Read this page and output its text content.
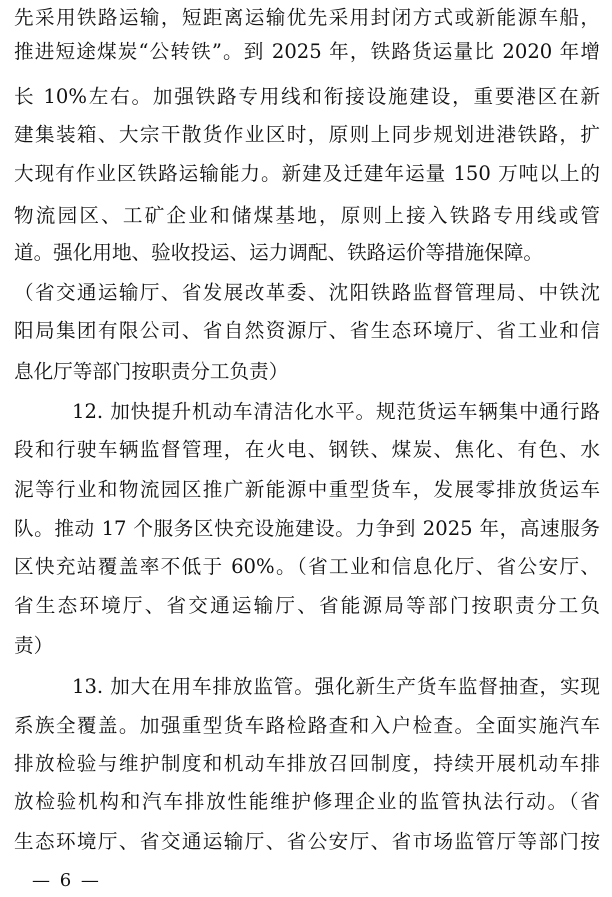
先采用铁路运输，短距离运输优先采用封闭方式或新能源车船，
推进短途煤炭“公转铁”。到 2025 年，铁路货运量比 2020 年增
长 10%左右。加强铁路专用线和衔接设施建设，重要港区在新
建集装箱、大宗干散货作业区时，原则上同步规划进港铁路，扩
大现有作业区铁路运输能力。新建及迁建年运量 150 万吨以上的
物流园区、工矿企业和储煤基地，原则上接入铁路专用线或管
道。强化用地、验收投运、运力调配、铁路运价等措施保障。
（省交通运输厅、省发展改革委、沈阳铁路监督管理局、中铁沈
阳局集团有限公司、省自然资源厅、省生态环境厅、省工业和信
息化厅等部门按职责分工负责）
12. 加快提升机动车清洁化水平。规范货运车辆集中通行路
段和行驶车辆监督管理，在火电、钢铁、煤炭、焦化、有色、水
泥等行业和物流园区推广新能源中重型货车，发展零排放货运车
队。推动 17 个服务区快充设施建设。力争到 2025 年，高速服务
区快充站覆盖率不低于 60%。（省工业和信息化厅、省公安厅、
省生态环境厅、省交通运输厅、省能源局等部门按职责分工负
责）
13. 加大在用车排放监管。强化新生产货车监督抽查，实现
系族全覆盖。加强重型货车路检路查和入户检查。全面实施汽车
排放检验与维护制度和机动车排放召回制度，持续开展机动车排
放检验机构和汽车排放性能维护修理企业的监管执法行动。（省
生态环境厅、省交通运输厅、省公安厅、省市场监管厅等部门按
— 6 —
